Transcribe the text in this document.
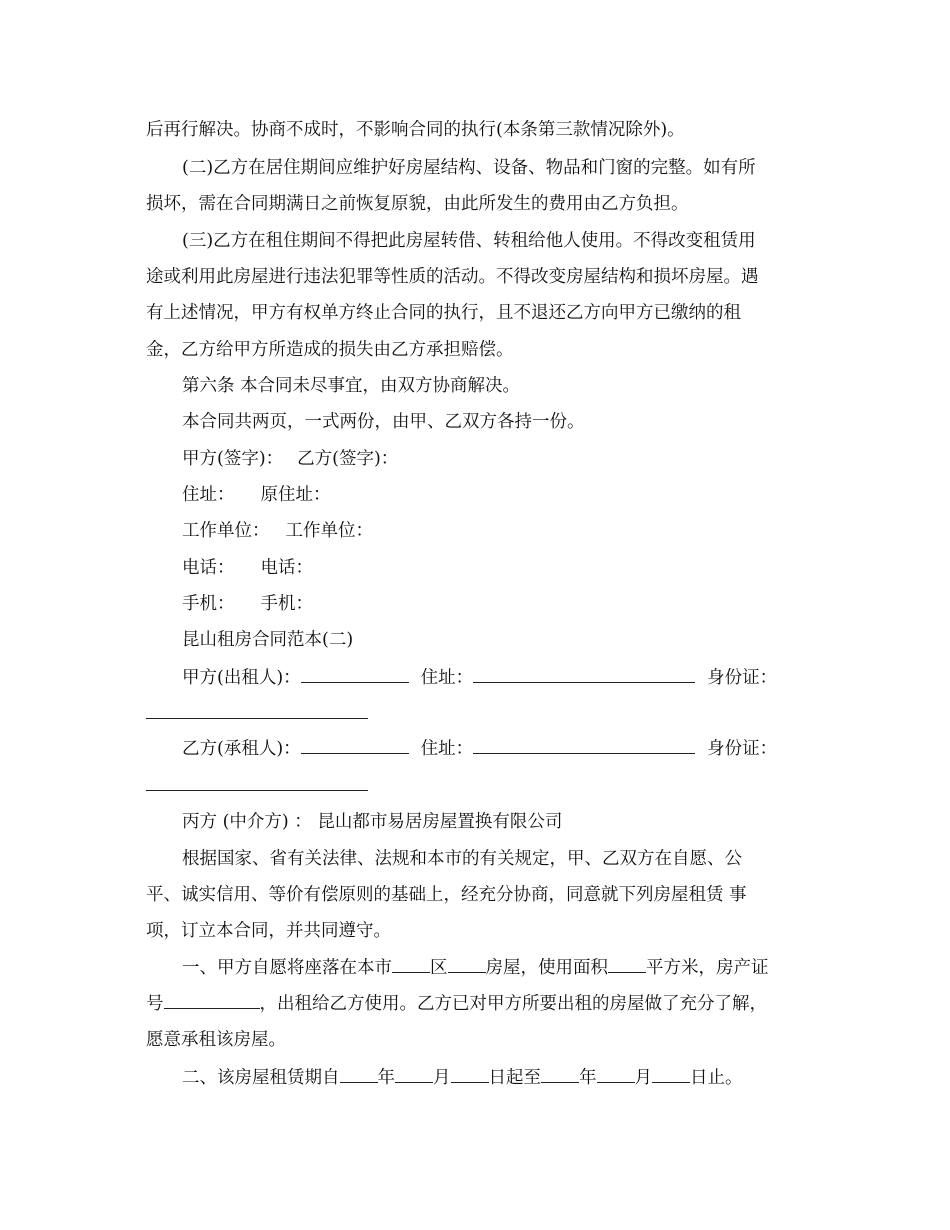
后再行解决。协商不成时，不影响合同的执行(本条第三款情况除外)。
(二)乙方在居住期间应维护好房屋结构、设备、物品和门窗的完整。如有所
损坏，需在合同期满日之前恢复原貌，由此所发生的费用由乙方负担。
(三)乙方在租住期间不得把此房屋转借、转租给他人使用。不得改变租赁用
途或利用此房屋进行违法犯罪等性质的活动。不得改变房屋结构和损坏房屋。遇
有上述情况，甲方有权单方终止合同的执行，且不退还乙方向甲方已缴纳的租
金，乙方给甲方所造成的损失由乙方承担赔偿。
第六条 本合同未尽事宜，由双方协商解决。
本合同共两页，一式两份，由甲、乙双方各持一份。
甲方(签字)： 乙方(签字)：
住址： 原住址：
工作单位： 工作单位：
电话： 电话：
手机： 手机：
昆山租房合同范本(二)
甲方(出租人)：	住址：	身份证：
乙方(承租人)：	住址：	身份证：
丙方 (中介方) ： 昆山都市易居房屋置换有限公司
根据国家、省有关法律、法规和本市的有关规定，甲、乙双方在自愿、公
平、诚实信用、等价有偿原则的基础上，经充分协商，同意就下列房屋租赁 事
项，订立本合同，并共同遵守。
一、甲方自愿将座落在本市 区 房屋，使用面积 平方米，房产证
号	，出租给乙方使用。乙方已对甲方所要出租的房屋做了充分了解，
愿意承租该房屋。
二、该房屋租赁期自 年 月 日起至 年 月 日止。
